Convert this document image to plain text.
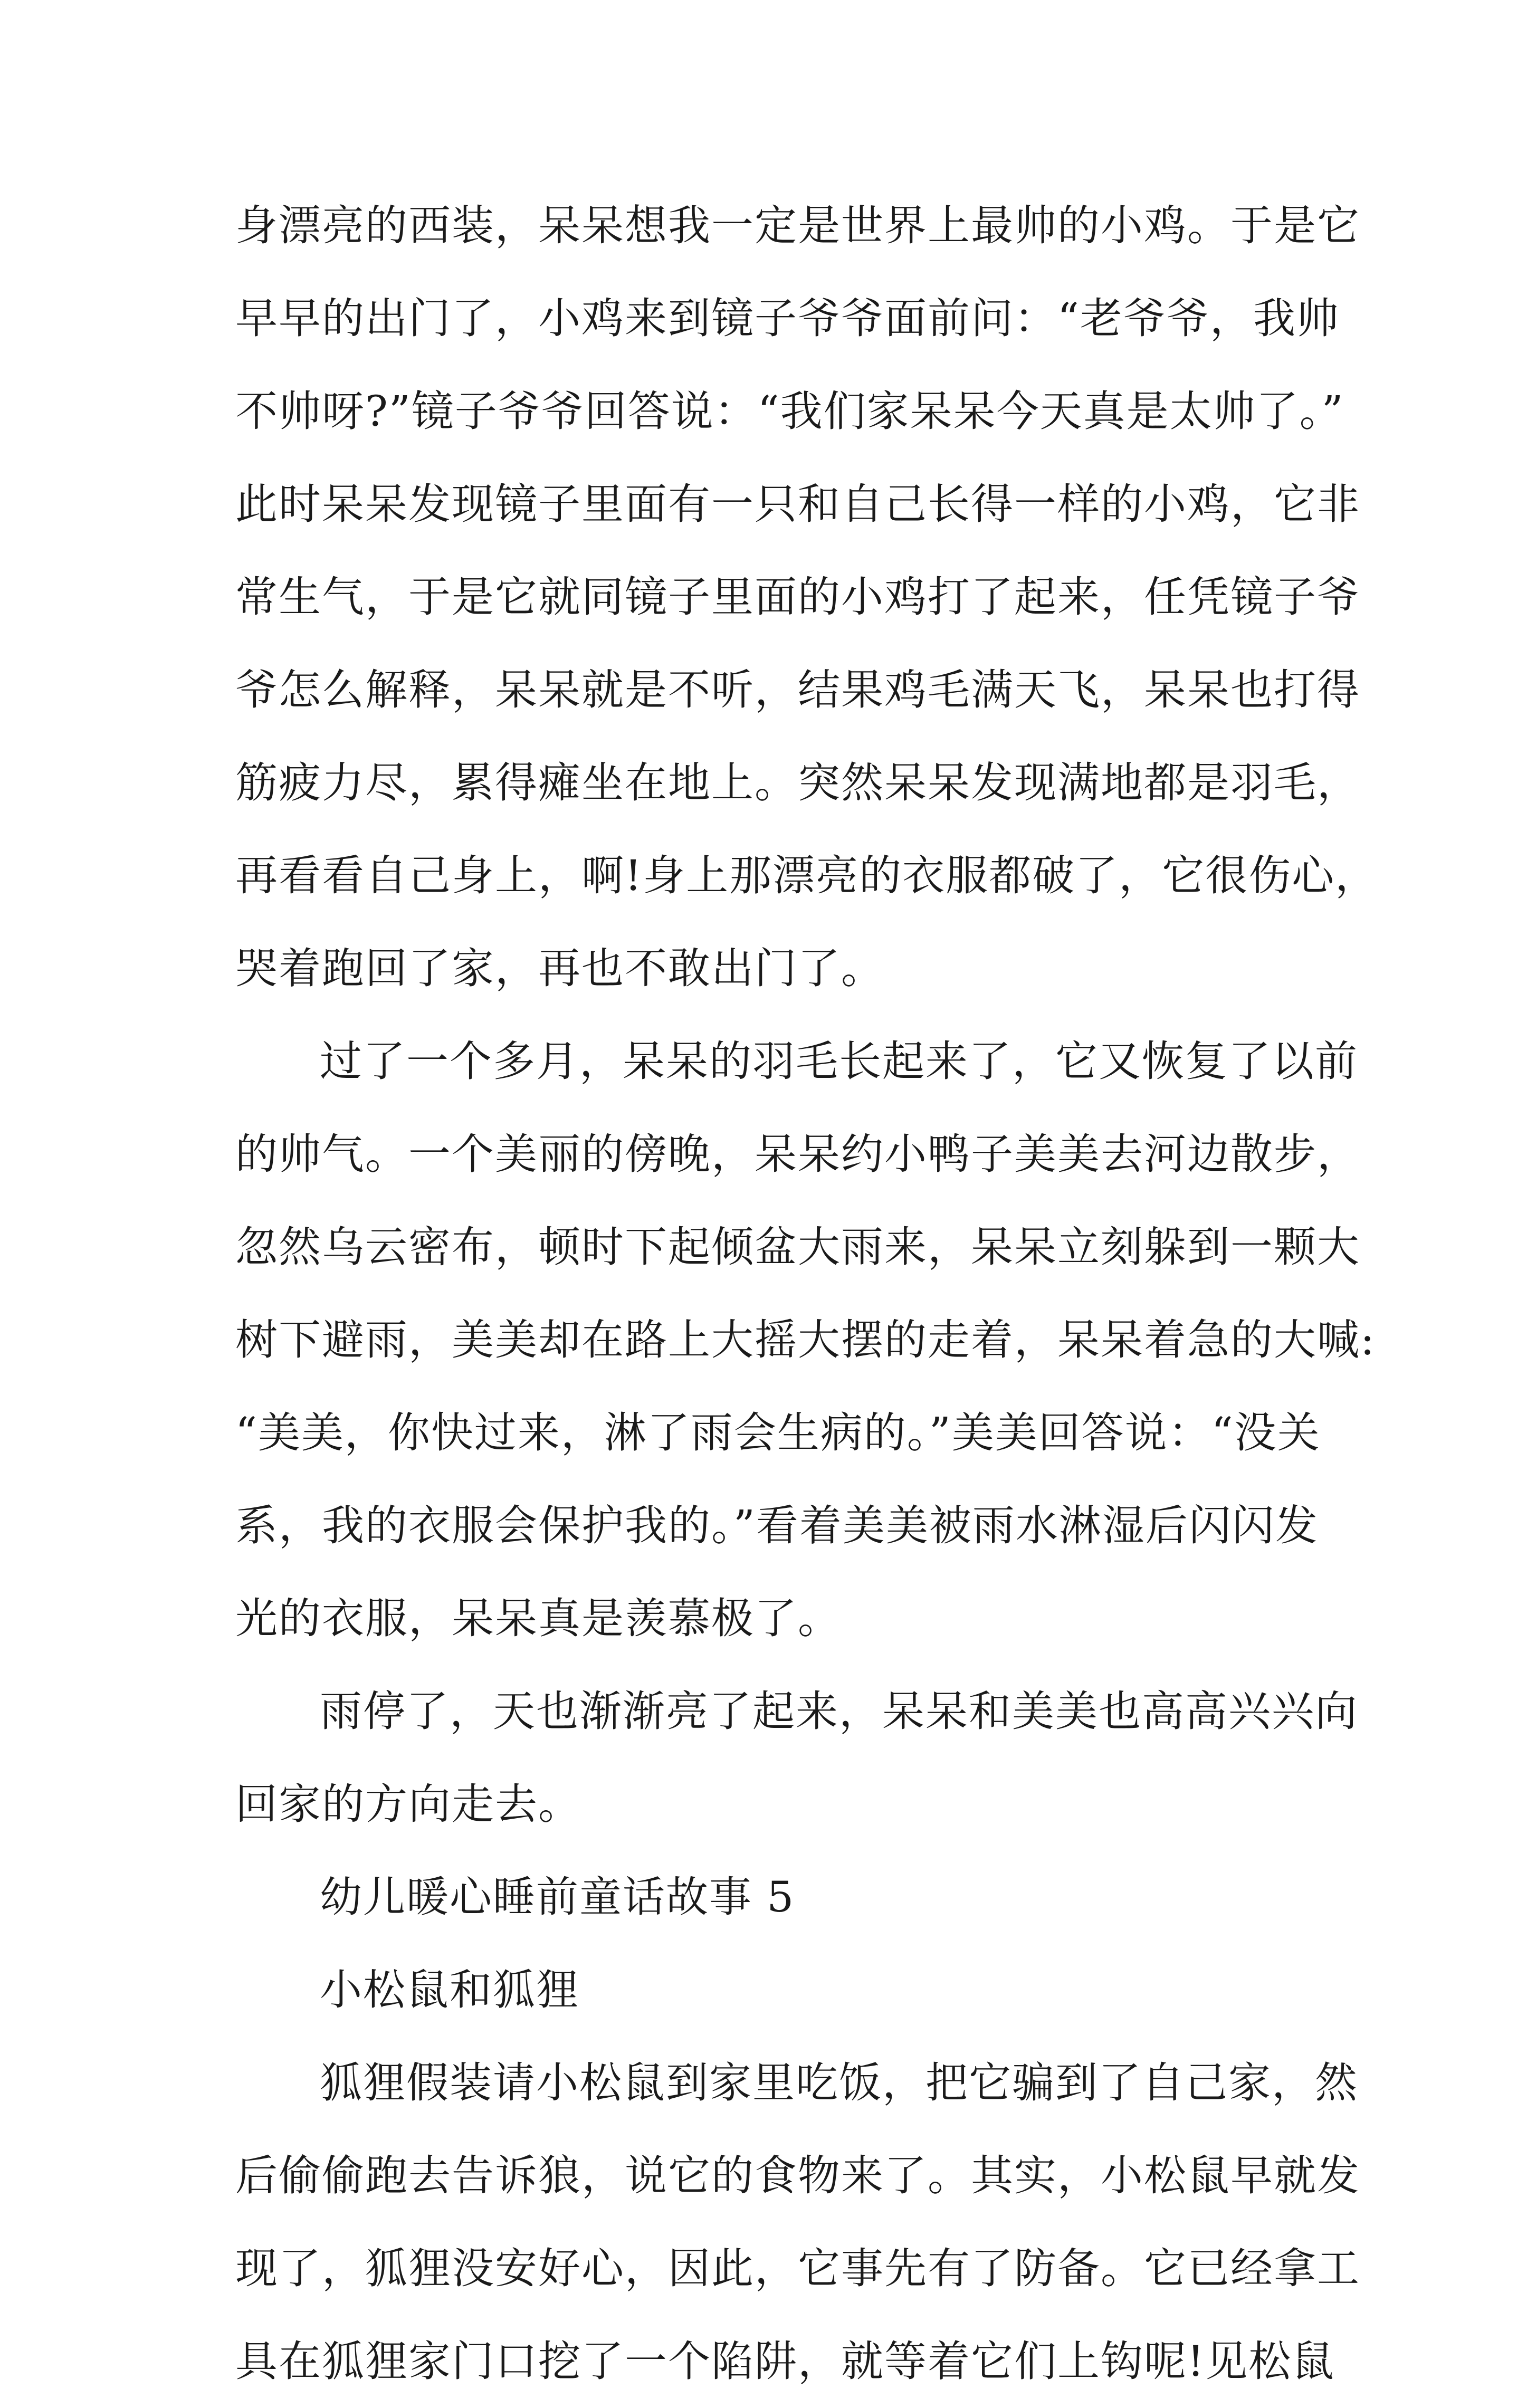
身漂亮的西装，呆呆想我一定是世界上最帅的小鸡。于是它
早早的出门了，小鸡来到镜子爷爷面前问：“老爷爷，我帅
不帅呀?”镜子爷爷回答说：“我们家呆呆今天真是太帅了。”
此时呆呆发现镜子里面有一只和自己长得一样的小鸡，它非
常生气，于是它就同镜子里面的小鸡打了起来，任凭镜子爷
爷怎么解释，呆呆就是不听，结果鸡毛满天飞，呆呆也打得
筋疲力尽，累得瘫坐在地上。突然呆呆发现满地都是羽毛，
再看看自己身上，啊!身上那漂亮的衣服都破了，它很伤心，
哭着跑回了家，再也不敢出门了。
过了一个多月，呆呆的羽毛长起来了，它又恢复了以前
的帅气。一个美丽的傍晚，呆呆约小鸭子美美去河边散步，
忽然乌云密布，顿时下起倾盆大雨来，呆呆立刻躲到一颗大
树下避雨，美美却在路上大摇大摆的走着，呆呆着急的大喊:
“美美，你快过来，淋了雨会生病的。”美美回答说：“没关
系，我的衣服会保护我的。”看着美美被雨水淋湿后闪闪发
光的衣服，呆呆真是羡慕极了。
雨停了，天也渐渐亮了起来，呆呆和美美也高高兴兴向
回家的方向走去。
幼儿暖心睡前童话故事 5
小松鼠和狐狸
狐狸假装请小松鼠到家里吃饭，把它骗到了自己家，然
后偷偷跑去告诉狼，说它的食物来了。其实，小松鼠早就发
现了，狐狸没安好心，因此，它事先有了防备。它已经拿工
具在狐狸家门口挖了一个陷阱，就等着它们上钩呢!见松鼠
